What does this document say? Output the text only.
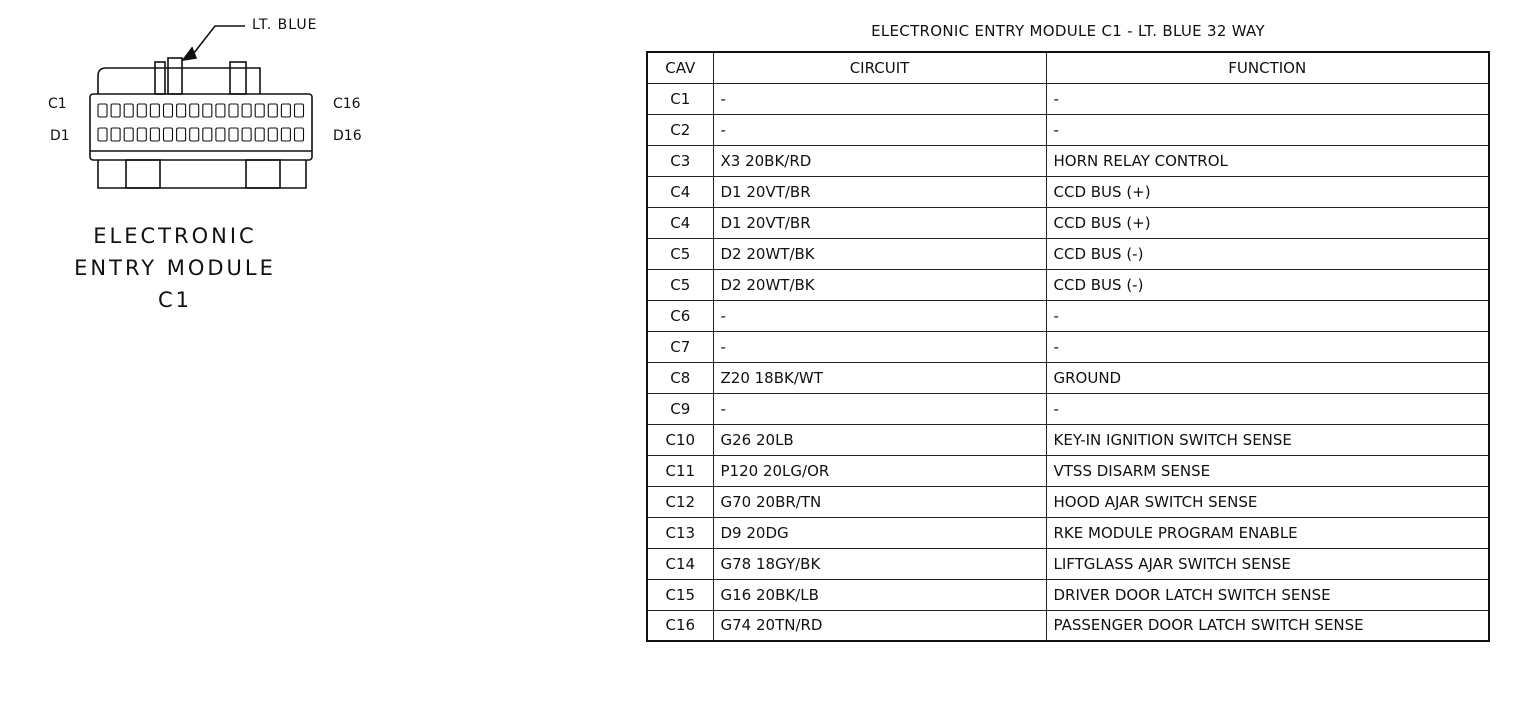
C1
D1
C16
D16
LT. BLUE
ELECTRONIC
ENTRY MODULE C1
ELECTRONIC ENTRY MODULE C1 - LT. BLUE 32 WAY
CAV	CIRCUIT	FUNCTION
C1	-	-
C2	-	-
C3	X3 20BK/RD	HORN RELAY CONTROL
C4	D1 20VT/BR	CCD BUS (+)
C4	D1 20VT/BR	CCD BUS (+)
C5	D2 20WT/BK	CCD BUS (-)
C5	D2 20WT/BK	CCD BUS (-)
C6	-	-
C7	-	-
C8	Z20 18BK/WT	GROUND
C9	-	-
C10	G26 20LB	KEY-IN IGNITION SWITCH SENSE
C11	P120 20LG/OR	VTSS DISARM SENSE
C12	G70 20BR/TN	HOOD AJAR SWITCH SENSE
C13	D9 20DG	RKE MODULE PROGRAM ENABLE
C14	G78 18GY/BK	LIFTGLASS AJAR SWITCH SENSE
C15	G16 20BK/LB	DRIVER DOOR LATCH SWITCH SENSE
C16	G74 20TN/RD	PASSENGER DOOR LATCH SWITCH SENSE
